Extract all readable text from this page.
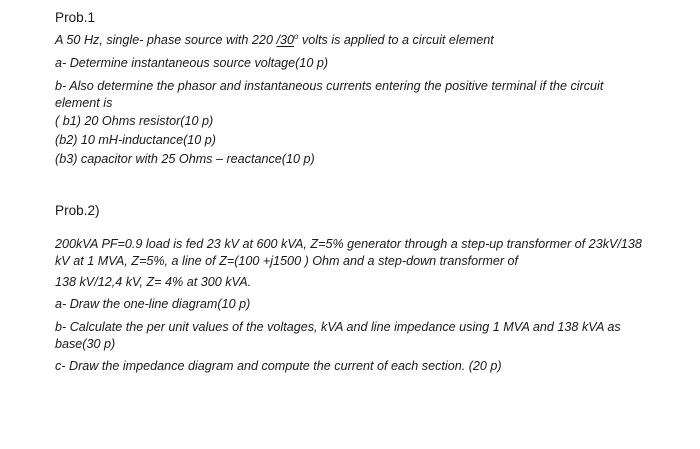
Prob.1
A 50 Hz, single- phase source with 220 /30$^o$ volts is applied to a circuit element
a- Determine instantaneous source voltage(10 p)
b- Also determine the phasor and instantaneous currents entering the positive terminal if the circuit
element is
( b1) 20 Ohms resistor(10 p)
(b2) 10 mH-inductance(10 p)
(b3) capacitor with 25 Ohms – reactance(10 p)
Prob.2)
200kVA PF=0.9 load is fed 23 kV at 600 kVA, Z=5% generator through a step-up transformer of 23kV/138
kV at 1 MVA, Z=5%, a line of Z=(100 +j1500 ) Ohm and a step-down transformer of
138 kV/12,4 kV, Z= 4% at 300 kVA.
a- Draw the one-line diagram(10 p)
b- Calculate the per unit values of the voltages, kVA and line impedance using 1 MVA and 138 kVA as
base(30 p)
c- Draw the impedance diagram and compute the current of each section. (20 p)
